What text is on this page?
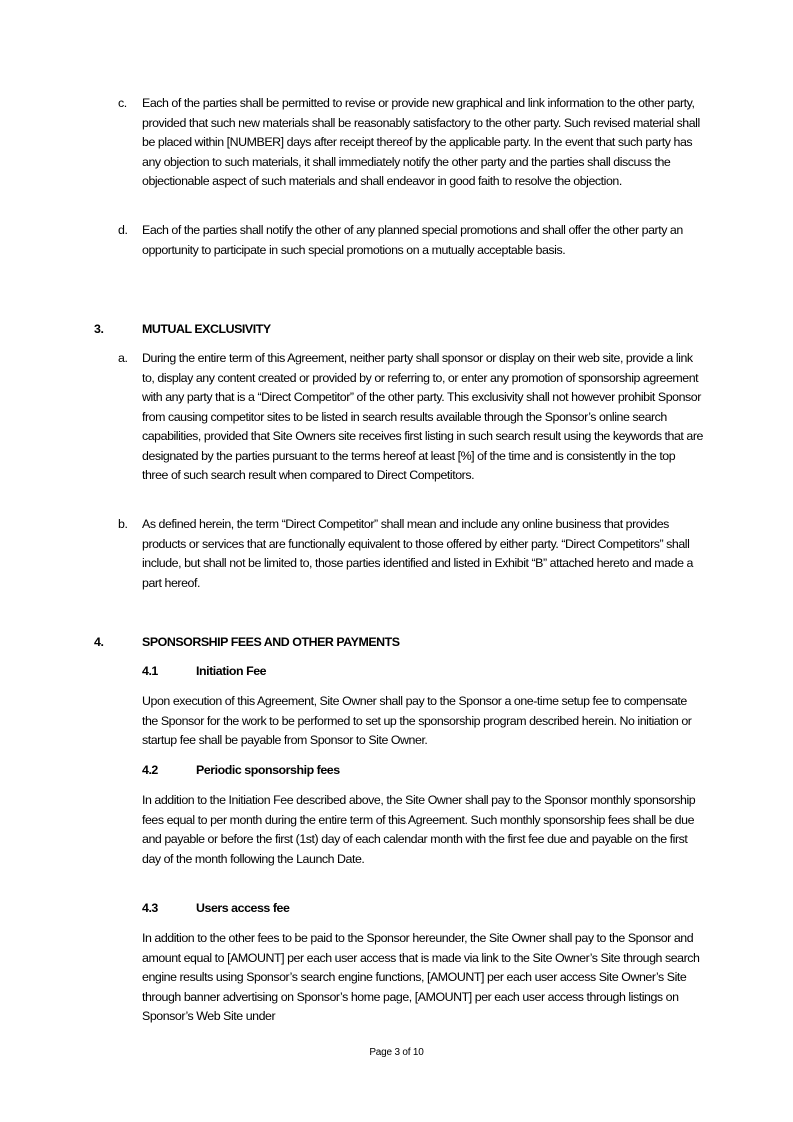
c. Each of the parties shall be permitted to revise or provide new graphical and link information to the other party, provided that such new materials shall be reasonably satisfactory to the other party. Such revised material shall be placed within [NUMBER] days after receipt thereof by the applicable party. In the event that such party has any objection to such materials, it shall immediately notify the other party and the parties shall discuss the objectionable aspect of such materials and shall endeavor in good faith to resolve the objection.
d. Each of the parties shall notify the other of any planned special promotions and shall offer the other party an opportunity to participate in such special promotions on a mutually acceptable basis.
3.	MUTUAL EXCLUSIVITY
a. During the entire term of this Agreement, neither party shall sponsor or display on their web site, provide a link to, display any content created or provided by or referring to, or enter any promotion of sponsorship agreement with any party that is a “Direct Competitor” of the other party. This exclusivity shall not however prohibit Sponsor from causing competitor sites to be listed in search results available through the Sponsor’s online search capabilities, provided that Site Owners site receives first listing in such search result using the keywords that are designated by the parties pursuant to the terms hereof at least [%] of the time and is consistently in the top three of such search result when compared to Direct Competitors.
b. As defined herein, the term “Direct Competitor” shall mean and include any online business that provides products or services that are functionally equivalent to those offered by either party. “Direct Competitors” shall include, but shall not be limited to, those parties identified and listed in Exhibit “B” attached hereto and made a part hereof.
4.	SPONSORSHIP FEES AND OTHER PAYMENTS
4.1	Initiation Fee
Upon execution of this Agreement, Site Owner shall pay to the Sponsor a one-time setup fee to compensate the Sponsor for the work to be performed to set up the sponsorship program described herein. No initiation or startup fee shall be payable from Sponsor to Site Owner.
4.2	Periodic sponsorship fees
In addition to the Initiation Fee described above, the Site Owner shall pay to the Sponsor monthly sponsorship fees equal to per month during the entire term of this Agreement. Such monthly sponsorship fees shall be due and payable or before the first (1st) day of each calendar month with the first fee due and payable on the first day of the month following the Launch Date.
4.3	Users access fee
In addition to the other fees to be paid to the Sponsor hereunder, the Site Owner shall pay to the Sponsor and amount equal to [AMOUNT] per each user access that is made via link to the Site Owner’s Site through search engine results using Sponsor’s search engine functions, [AMOUNT] per each user access Site Owner’s Site through banner advertising on Sponsor’s home page, [AMOUNT] per each user access through listings on Sponsor’s Web Site under
Page 3 of 10
